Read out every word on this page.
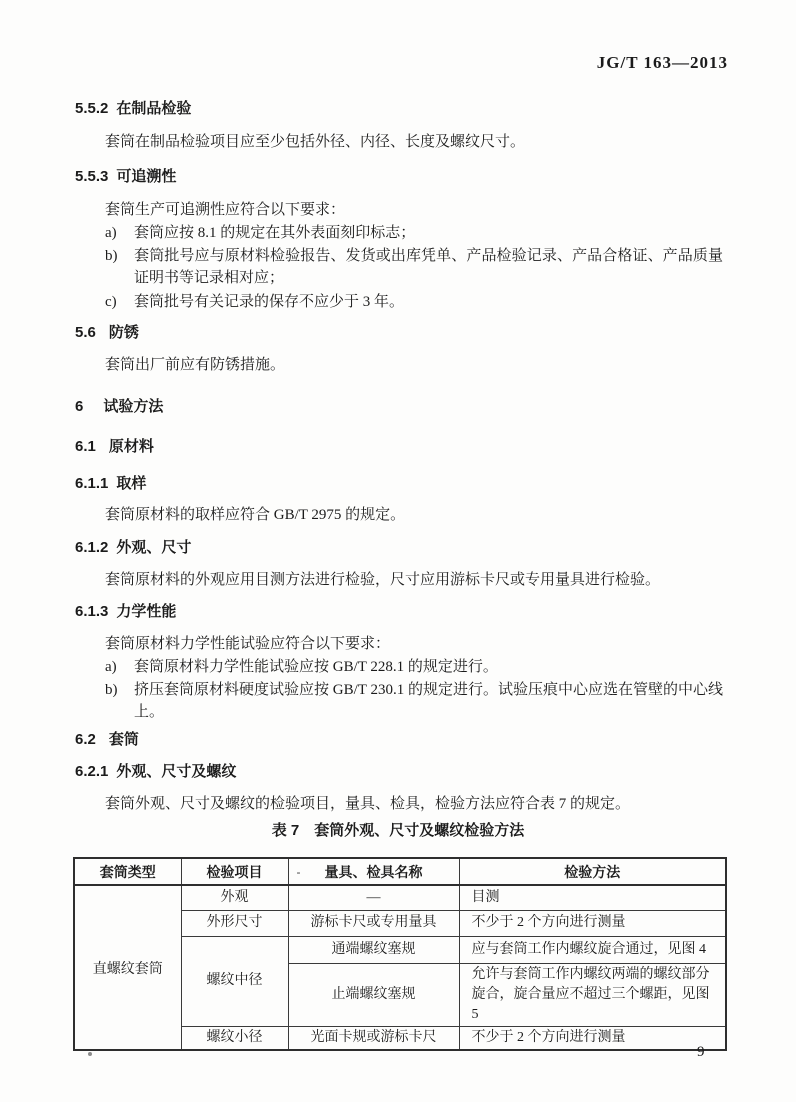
JG/T 163—2013
5.5.2 在制品检验
套筒在制品检验项目应至少包括外径、内径、长度及螺纹尺寸。
5.5.3 可追溯性
套筒生产可追溯性应符合以下要求：
a) 套筒应按 8.1 的规定在其外表面刻印标志；
b) 套筒批号应与原材料检验报告、发货或出库凭单、产品检验记录、产品合格证、产品质量证明书等记录相对应；
c) 套筒批号有关记录的保存不应少于 3 年。
5.6 防锈
套筒出厂前应有防锈措施。
6 试验方法
6.1 原材料
6.1.1 取样
套筒原材料的取样应符合 GB/T 2975 的规定。
6.1.2 外观、尺寸
套筒原材料的外观应用目测方法进行检验，尺寸应用游标卡尺或专用量具进行检验。
6.1.3 力学性能
套筒原材料力学性能试验应符合以下要求：
a) 套筒原材料力学性能试验应按 GB/T 228.1 的规定进行。
b) 挤压套筒原材料硬度试验应按 GB/T 230.1 的规定进行。试验压痕中心应选在管壁的中心线上。
6.2 套筒
6.2.1 外观、尺寸及螺纹
套筒外观、尺寸及螺纹的检验项目，量具、检具，检验方法应符合表 7 的规定。
表 7　套筒外观、尺寸及螺纹检验方法
套筒类型	检验项目	- 量具、检具名称	检验方法
直螺纹套筒	外观	—	目测
	外形尺寸	游标卡尺或专用量具	不少于 2 个方向进行测量
	螺纹中径	通端螺纹塞规	应与套筒工作内螺纹旋合通过，见图 4
		止端螺纹塞规	允许与套筒工作内螺纹两端的螺纹部分旋合，旋合量应不超过三个螺距，见图 5
	螺纹小径	光面卡规或游标卡尺	不少于 2 个方向进行测量
9
